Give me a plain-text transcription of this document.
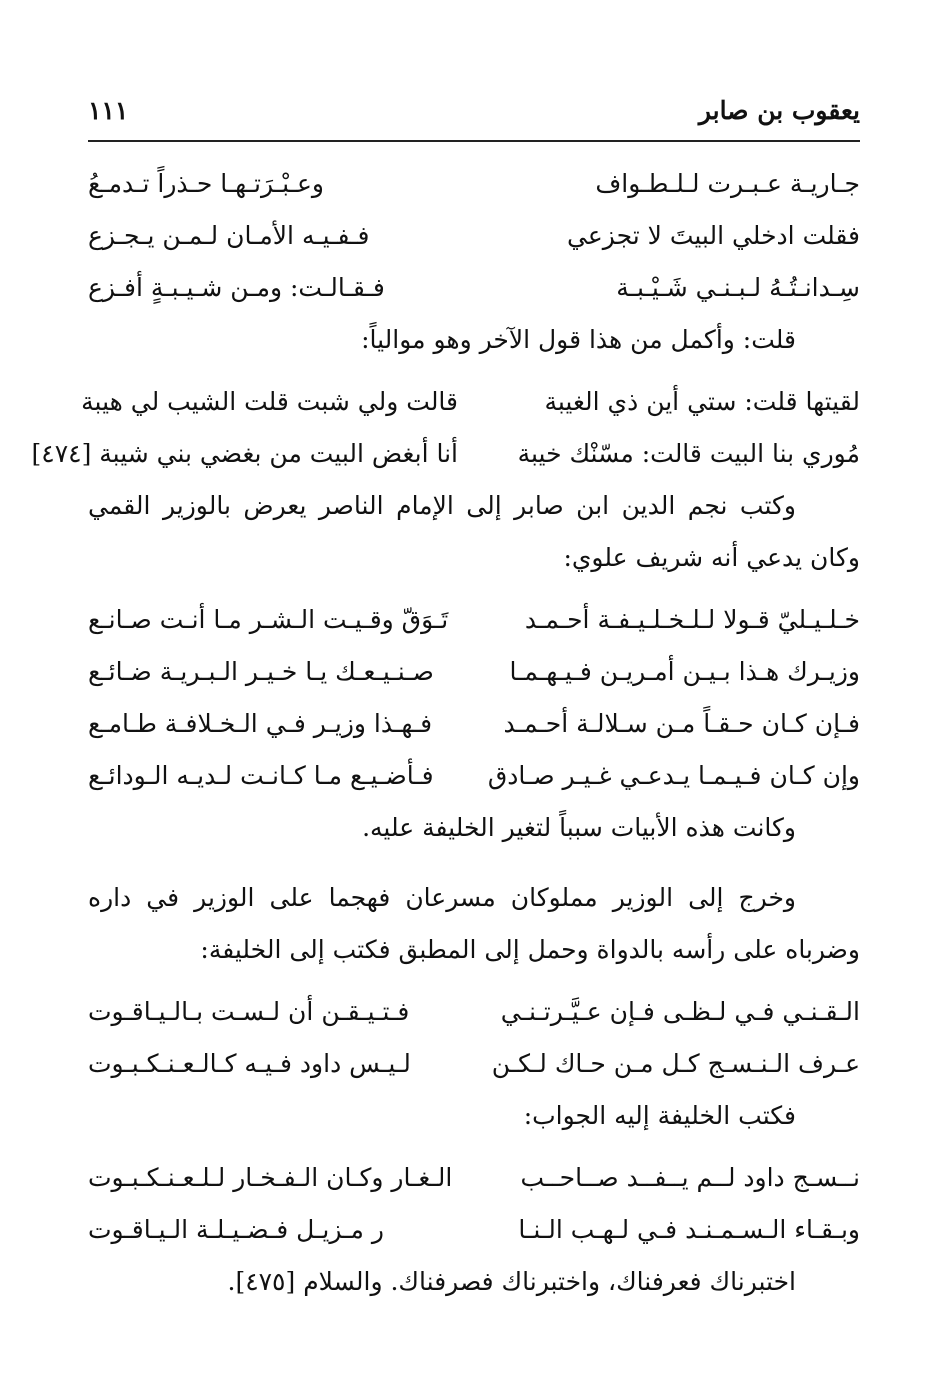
يعقوب بن صابر
١١١
جـاريـة عـبـرت لـلـطـواف
وعـبْـرَتـهـا حـذراً تـدمـعُ
فقلت ادخلي البيتَ لا تجزعي
فـفـيـه الأمـان لـمـن يـجـزع
سِـدانـتُـهُ لـبـنـي شَـيْـبـة
فـقـالـت: ومـن شـيـبـةٍ أفـزع

قلت: وأكمل من هذا قول الآخر وهو موالياً:

لقيتها قلت: ستي أين ذي الغيبة
قالت ولي شبت قلت الشيب لي هيبة
مُوري بنا البيت قالت: مسّنْك خيبة
أنا أبغض البيت من بغضي بني شيبة [٤٧٤]

وكتب نجم الدين ابن صابر إلى الإمام الناصر يعرض بالوزير القمي وكان يدعي أنه شريف علوي:

خـلـيـليّ قـولا لـلـخـلـيـفـة أحـمـد
تَـوَقّ وقـيـت الـشـر مـا أنـت صـانـع
وزيـرك هـذا بـيـن أمـريـن فـيـهـمـا
صـنـيـعـك يـا خـيـر الـبـريـة ضـائـع
فـإن كـان حـقـاً مـن سـلالـة أحـمـد
فـهـذا وزيـر فـي الـخـلافـة طـامـع
وإن كـان فـيـمـا يـدعـي غـيـر صـادق
فـأضـيـع مـا كـانـت لـديـه الـودائـع

وكانت هذه الأبيات سبباً لتغير الخليفة عليه.

وخرج إلى الوزير مملوكان مسرعان فهجما على الوزير في داره وضرباه على رأسه بالدواة وحمل إلى المطبق فكتب إلى الخليفة:

الـقـنـي فـي لـظـى فـإن عـيَّـرتـنـي
فـتـيـقـن أن لـسـت بـالـيـاقـوت
عـرف الـنـسـج كـل مـن حـاك لـكـن
لـيـس داود فـيـه كـالـعـنـكـبـوت

فكتب الخليفة إليه الجواب:

نــسـج داود لــم يــفــد صــاحــب
الـغـار وكـان الـفـخـار لـلـعـنـكـبـوت
وبـقـاء الـسـمـنـد فـي لـهـب الـنـا
ر مـزيـل فـضـيـلـة الـيـاقـوت

اختبرناك فعرفناك، واختبرناك فصرفناك. والسلام [٤٧٥].
